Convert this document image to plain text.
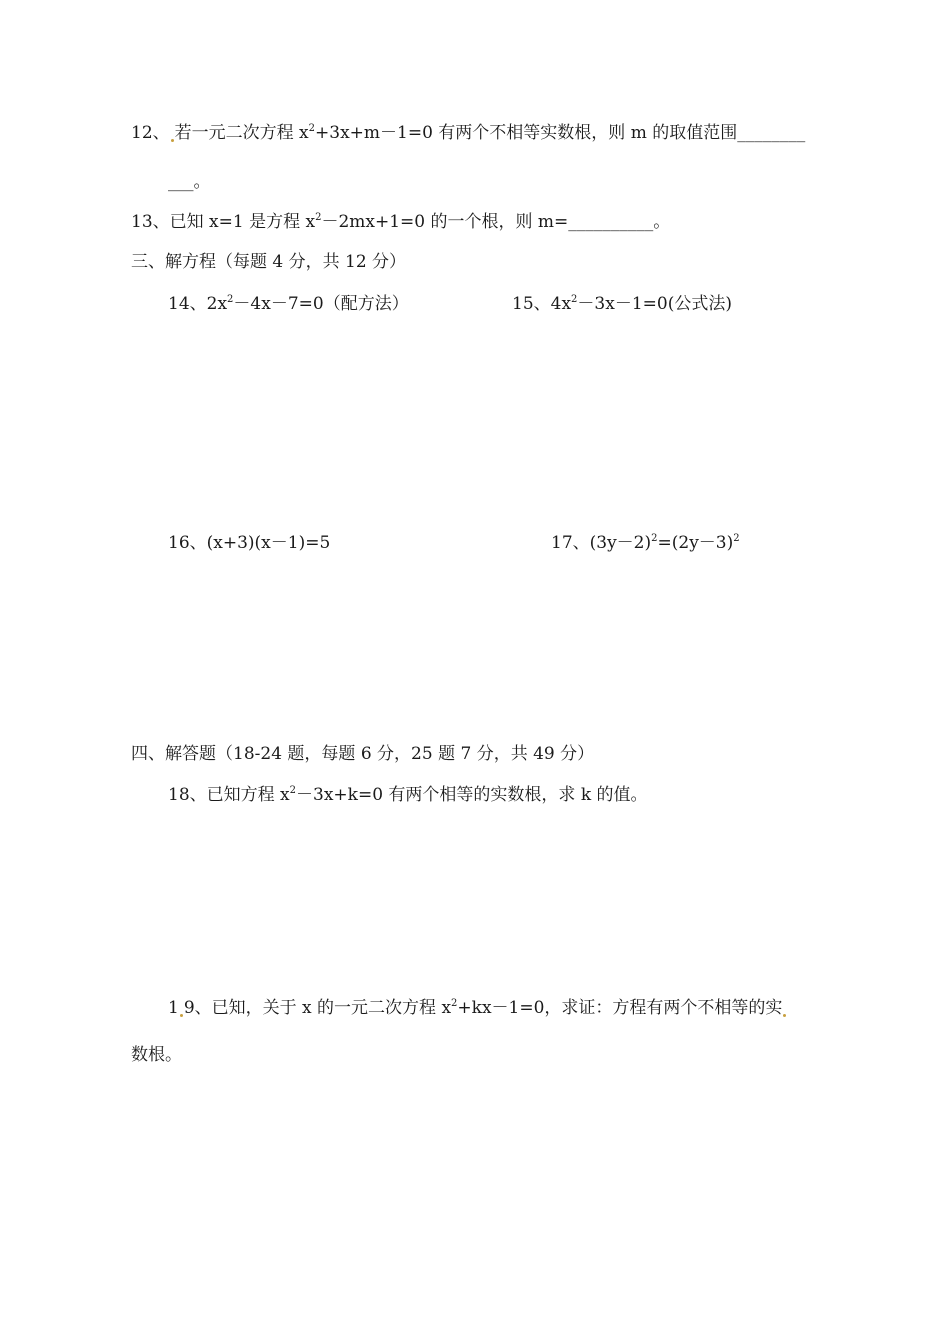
12、 若一元二次方程 $x^2+3x+m-1=0$ 有两个不相等实数根，则 m 的取值范围________
___。
13、已知 x=1 是方程 $x^2-2mx+1=0$ 的一个根，则 m=__________。
三、解方程（每题 4 分，共 12 分）
14、$2x^2-4x-7=0$（配方法）	15、$4x^2-3x-1=0$(公式法)
16、(x+3)(x－1)=5	17、$(3y-2)^2=(2y-3)^2$
四、解答题（18-24 题，每题 6 分，25 题 7 分，共 49 分）
18、已知方程 $x^2-3x+k=0$ 有两个相等的实数根，求 k 的值。
1 9、已知，关于 x 的一元二次方程 $x^2+kx-1=0$，求证：方程有两个不相等的实
数根。
